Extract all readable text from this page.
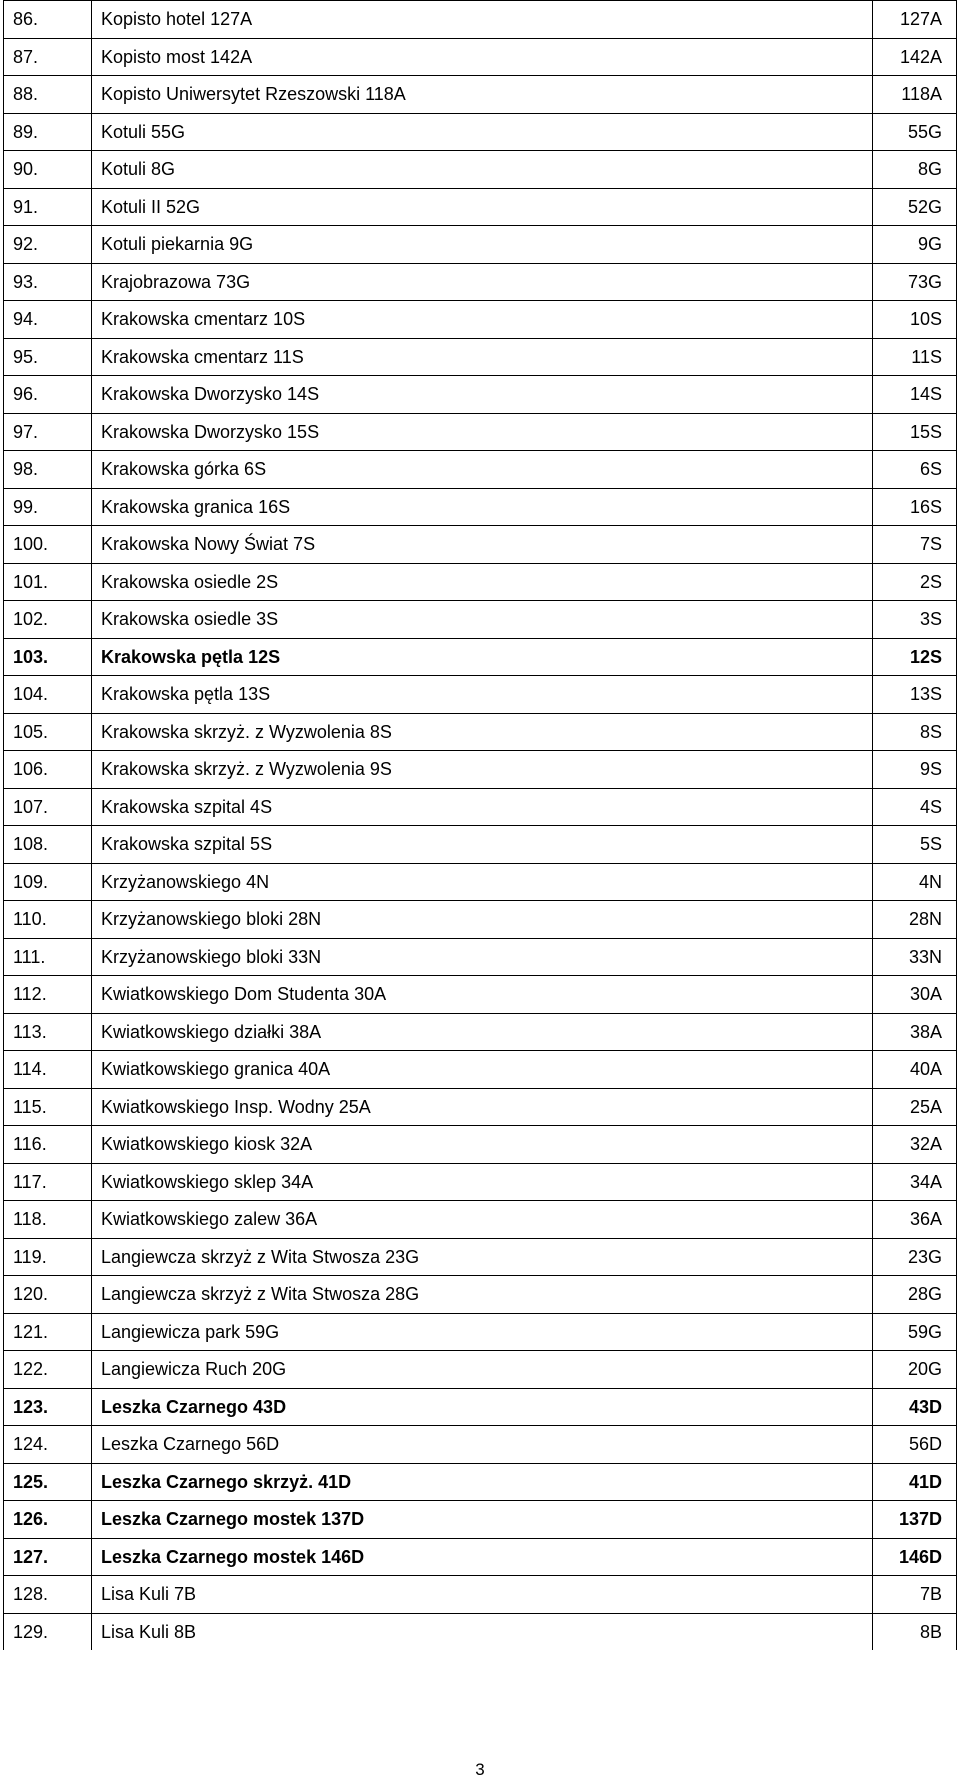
86.	Kopisto hotel 127A	127A
87.	Kopisto most 142A	142A
88.	Kopisto Uniwersytet Rzeszowski 118A	118A
89.	Kotuli 55G	55G
90.	Kotuli 8G	8G
91.	Kotuli II 52G	52G
92.	Kotuli piekarnia 9G	9G
93.	Krajobrazowa 73G	73G
94.	Krakowska cmentarz 10S	10S
95.	Krakowska cmentarz 11S	11S
96.	Krakowska Dworzysko 14S	14S
97.	Krakowska Dworzysko 15S	15S
98.	Krakowska górka 6S	6S
99.	Krakowska granica 16S	16S
100.	Krakowska Nowy Świat 7S	7S
101.	Krakowska osiedle 2S	2S
102.	Krakowska osiedle 3S	3S
103.	Krakowska pętla 12S	12S
104.	Krakowska pętla 13S	13S
105.	Krakowska skrzyż. z Wyzwolenia 8S	8S
106.	Krakowska skrzyż. z Wyzwolenia 9S	9S
107.	Krakowska szpital 4S	4S
108.	Krakowska szpital 5S	5S
109.	Krzyżanowskiego 4N	4N
110.	Krzyżanowskiego bloki 28N	28N
111.	Krzyżanowskiego bloki 33N	33N
112.	Kwiatkowskiego Dom Studenta 30A	30A
113.	Kwiatkowskiego działki 38A	38A
114.	Kwiatkowskiego granica 40A	40A
115.	Kwiatkowskiego Insp. Wodny 25A	25A
116.	Kwiatkowskiego kiosk 32A	32A
117.	Kwiatkowskiego sklep 34A	34A
118.	Kwiatkowskiego zalew 36A	36A
119.	Langiewcza skrzyż z Wita Stwosza 23G	23G
120.	Langiewcza skrzyż z Wita Stwosza 28G	28G
121.	Langiewicza park 59G	59G
122.	Langiewicza Ruch 20G	20G
123.	Leszka Czarnego 43D	43D
124.	Leszka Czarnego 56D	56D
125.	Leszka Czarnego skrzyż. 41D	41D
126.	Leszka Czarnego mostek 137D	137D
127.	Leszka Czarnego mostek 146D	146D
128.	Lisa Kuli 7B	7B
129.	Lisa Kuli 8B	8B
3
